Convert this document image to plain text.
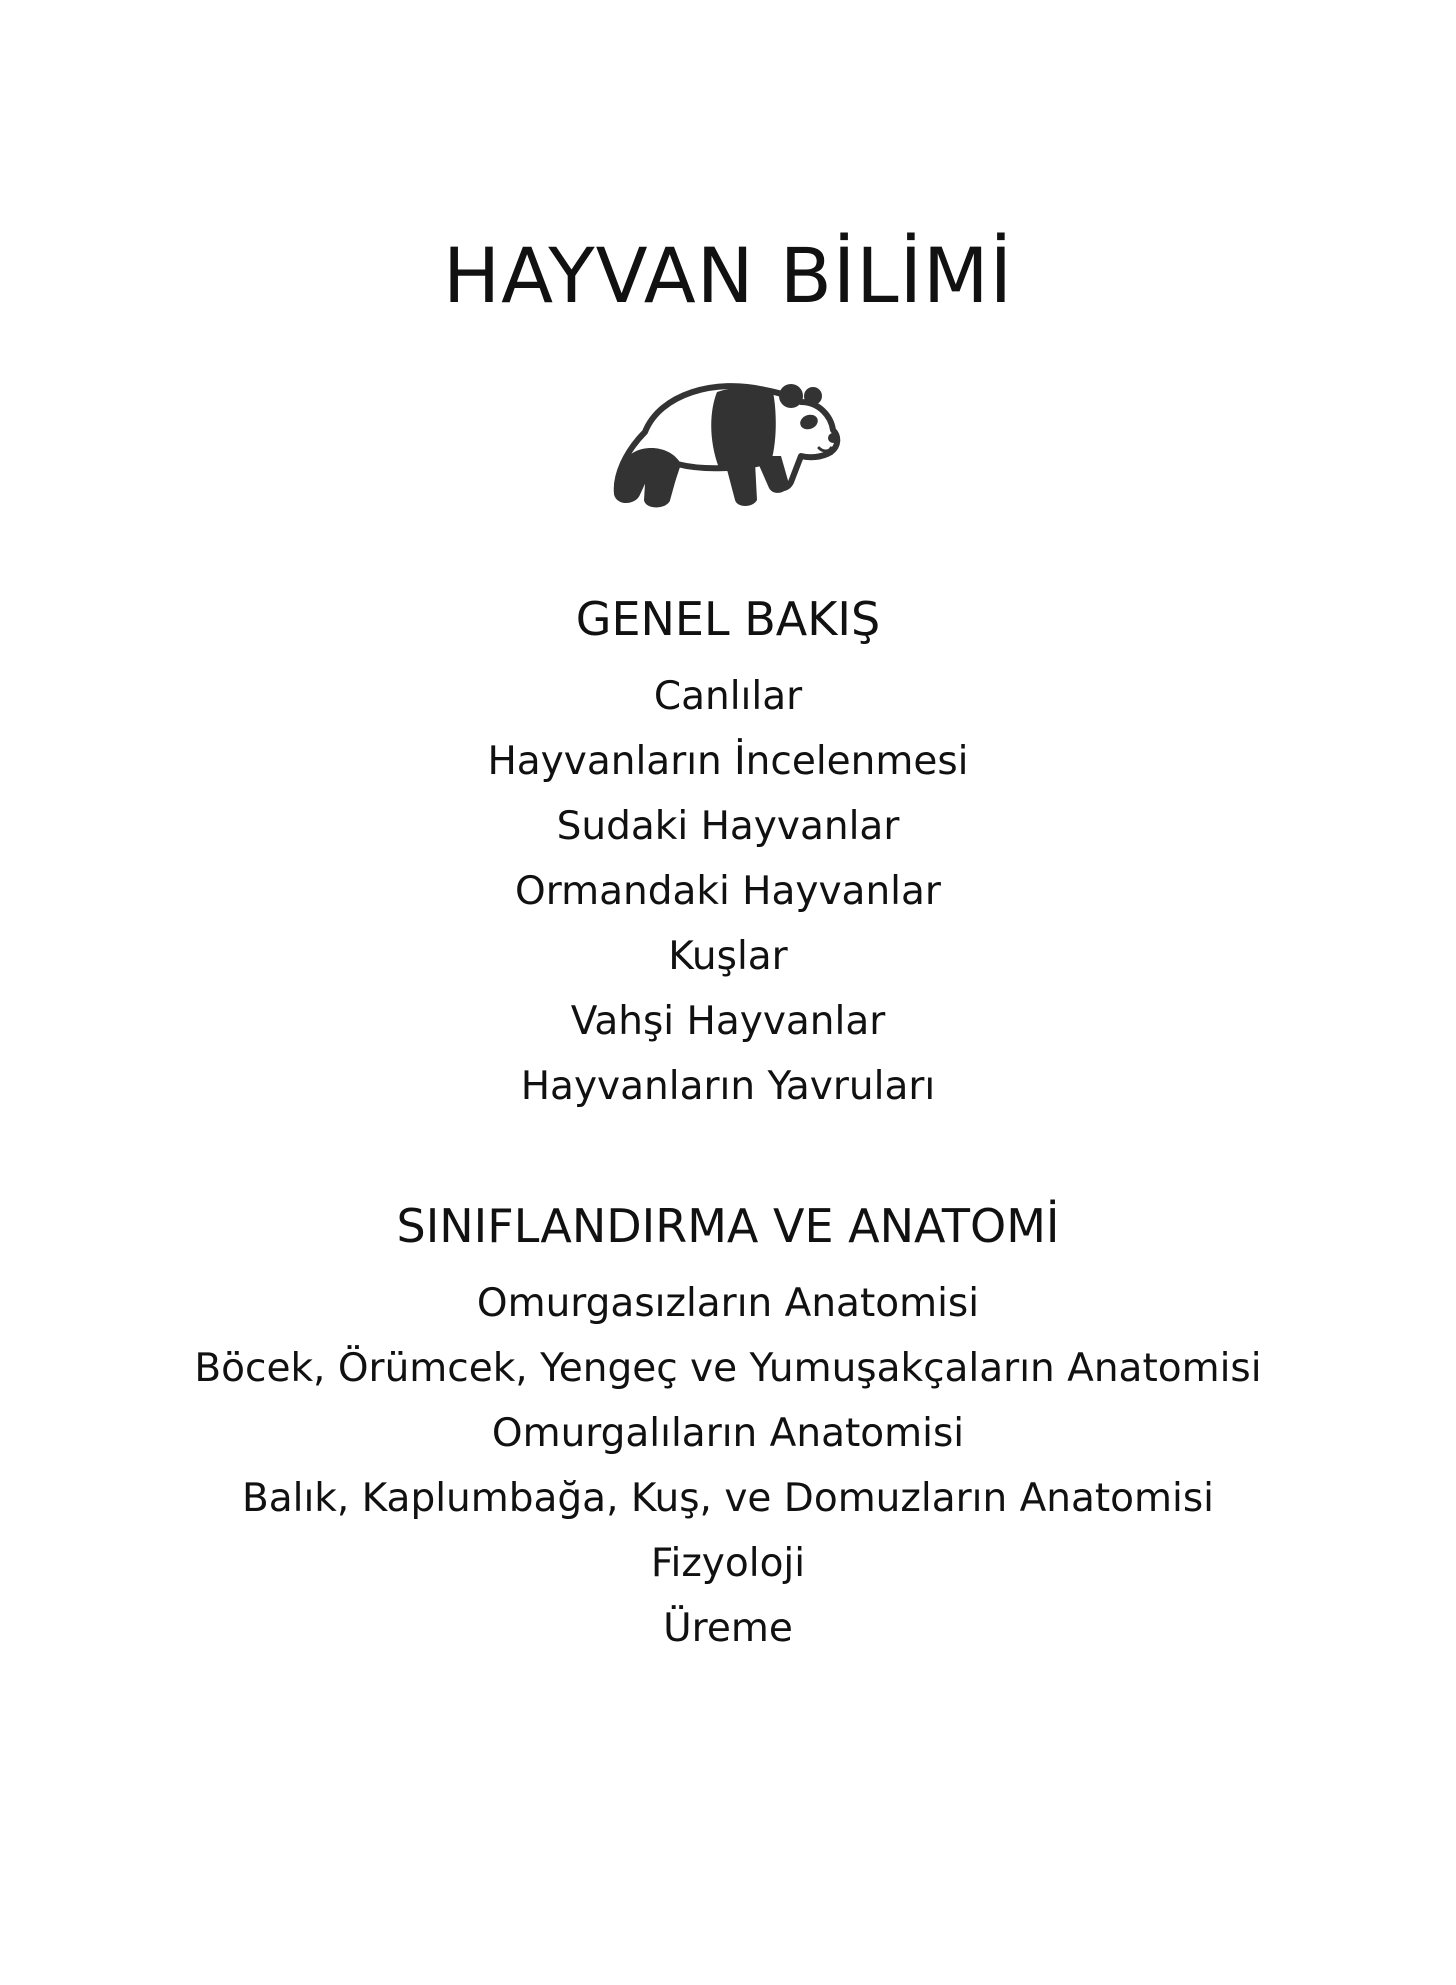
HAYVAN BİLİMİ
GENEL BAKIŞ
Canlılar
Hayvanların İncelenmesi
Sudaki Hayvanlar
Ormandaki Hayvanlar
Kuşlar
Vahşi Hayvanlar
Hayvanların Yavruları
SINIFLANDIRMA VE ANATOMİ
Omurgasızların Anatomisi
Böcek, Örümcek, Yengeç ve Yumuşakçaların Anatomisi
Omurgalıların Anatomisi
Balık, Kaplumbağa, Kuş, ve Domuzların Anatomisi
Fizyoloji
Üreme
